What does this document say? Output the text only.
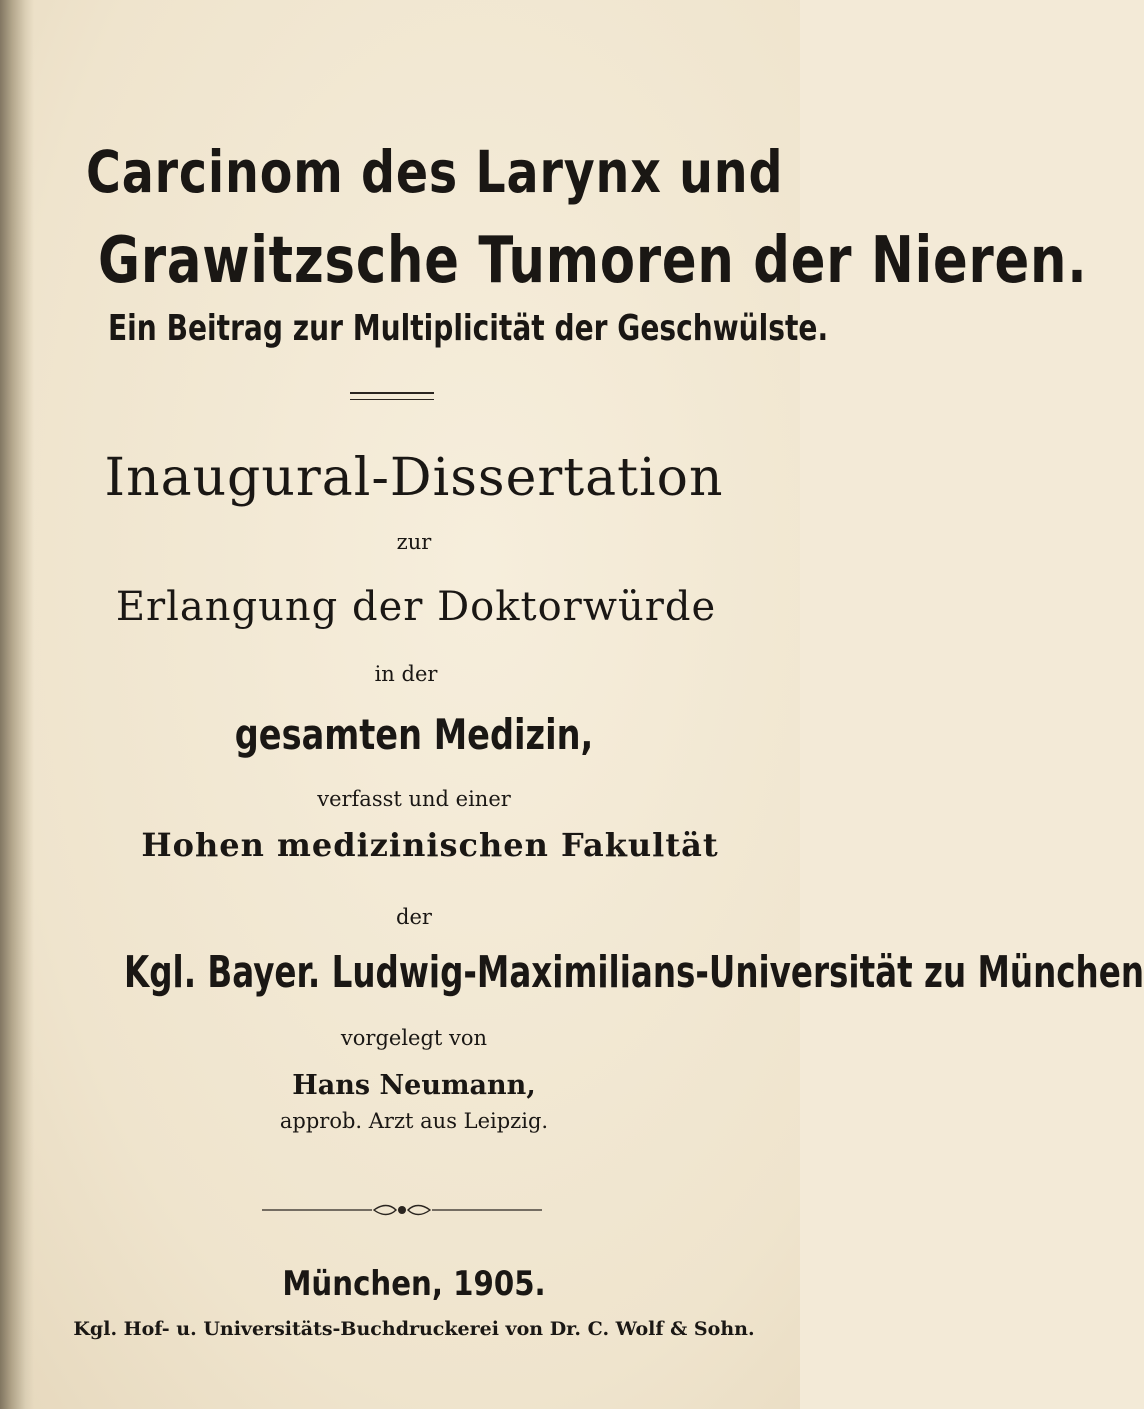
Carcinom des Larynx und
Grawitzsche Tumoren der Nieren.
Ein Beitrag zur Multiplicität der Geschwülste.
Inaugural-Dissertation
zur
Erlangung der Doktorwürde
in der
gesamten Medizin,
verfasst und einer
Hohen medizinischen Fakultät
der
Kgl. Bayer. Ludwig-Maximilians-Universität zu München
vorgelegt von
Hans Neumann,
approb. Arzt aus Leipzig.
München, 1905.
Kgl. Hof- u. Universitäts-Buchdruckerei von Dr. C. Wolf & Sohn.
